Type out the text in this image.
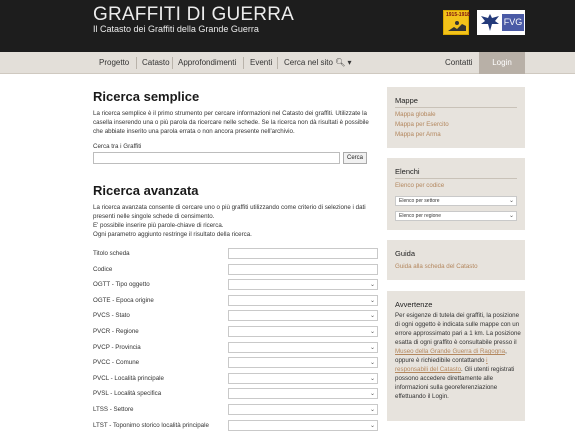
GRAFFITI DI GUERRA
Il Catasto dei Graffiti della Grande Guerra
1915-1918
FVG
Progetto Catasto Approfondimenti Eventi Cerca nel sito 🔍︎ ▾	Contatti	Login
Ricerca semplice

La ricerca semplice è il primo strumento per cercare informazioni nel Catasto dei graffiti. Utilizzate la casella inserendo una o più parola da ricercare nelle schede. Se la ricerca non dà risultati è possibile che abbiate inserito una parola errata o non ancora presente nell'archivio.

Cerca tra i Graffiti
Cerca
Ricerca avanzata

La ricerca avanzata consente di cercare uno o più graffiti utilizzando come criterio di selezione i dati presenti nelle singole schede di censimento.

E' possibile inserire più parole-chiave di ricerca.

Ogni parametro aggiunto restringe il risultato della ricerca.

Titolo scheda
Codice
OGTT - Tipo oggetto	⌄
OGTE - Epoca origine	⌄
PVCS - Stato	⌄
PVCR - Regione	⌄
PVCP - Provincia	⌄
PVCC - Comune	⌄
PVCL - Località principale	⌄
PVSL - Località specifica	⌄
LTSS - Settore	⌄
LTST - Toponimo storico località principale	⌄
Mappe
Mappa globale
Mappa per Esercito
Mappa per Arma
Elenchi
Elenco per codice
Elenco per settore	⌄
Elenco per regione	⌄
Guida
Guida alla scheda del Catasto
Avvertenze
Per esigenze di tutela dei graffiti, la posizione di ogni oggetto è indicata sulle mappe con un errore approssimato pari a 1 km. La posizione esatta di ogni graffito è consultabile presso il Museo della Grande Guerra di Ragogna, oppure è richiedibile contattando i responsabili del Catasto. Gli utenti registrati possono accedere direttamente alle informazioni sulla georeferenziazione effettuando il Login.
